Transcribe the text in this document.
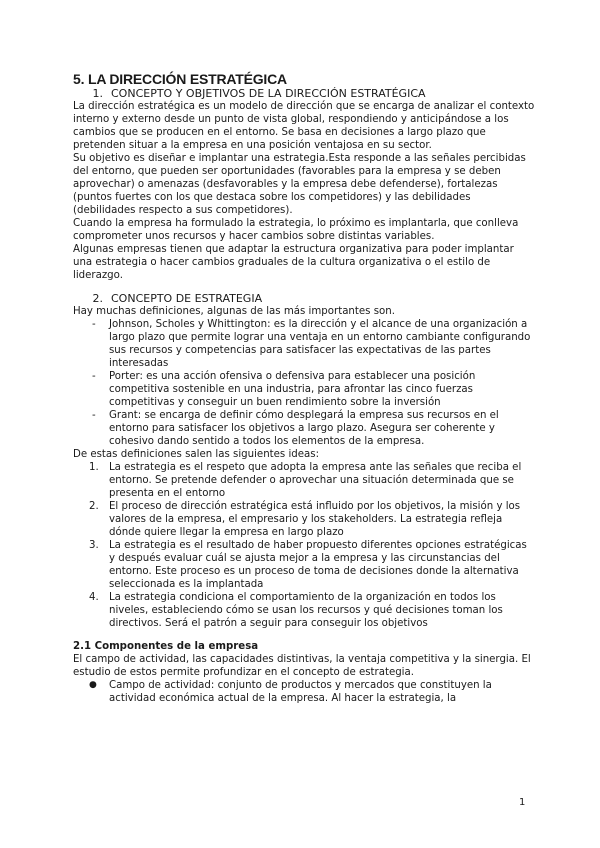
5. LA DIRECCIÓN ESTRATÉGICA
1. CONCEPTO Y OBJETIVOS DE LA DIRECCIÓN ESTRATÉGICA

La dirección estratégica es un modelo de dirección que se encarga de analizar el contexto interno y externo desde un punto de vista global, respondiendo y anticipándose a los cambios que se producen en el entorno. Se basa en decisiones a largo plazo que pretenden situar a la empresa en una posición ventajosa en su sector.

Su objetivo es diseñar e implantar una estrategia.Esta responde a las señales percibidas del entorno, que pueden ser oportunidades (favorables para la empresa y se deben aprovechar) o amenazas (desfavorables y la empresa debe defenderse), fortalezas (puntos fuertes con los que destaca sobre los competidores) y las debilidades (debilidades respecto a sus competidores).

Cuando la empresa ha formulado la estrategia, lo próximo es implantarla, que conlleva comprometer unos recursos y hacer cambios sobre distintas variables.

Algunas empresas tienen que adaptar la estructura organizativa para poder implantar una estrategia o hacer cambios graduales de la cultura organizativa o el estilo de liderazgo.

2. CONCEPTO DE ESTRATEGIA

Hay muchas definiciones, algunas de las más importantes son.

-	Johnson, Scholes y Whittington: es la dirección y el alcance de una organización a largo plazo que permite lograr una ventaja en un entorno cambiante configurando sus recursos y competencias para satisfacer las expectativas de las partes interesadas
-	Porter: es una acción ofensiva o defensiva para establecer una posición competitiva sostenible en una industria, para afrontar las cinco fuerzas competitivas y conseguir un buen rendimiento sobre la inversión
-	Grant: se encarga de definir cómo desplegará la empresa sus recursos en el entorno para satisfacer los objetivos a largo plazo. Asegura ser coherente y cohesivo dando sentido a todos los elementos de la empresa.

De estas definiciones salen las siguientes ideas:

1.	La estrategia es el respeto que adopta la empresa ante las señales que reciba el entorno. Se pretende defender o aprovechar una situación determinada que se presenta en el entorno
2.	El proceso de dirección estratégica está influido por los objetivos, la misión y los valores de la empresa, el empresario y los stakeholders. La estrategia refleja dónde quiere llegar la empresa en largo plazo
3.	La estrategia es el resultado de haber propuesto diferentes opciones estratégicas y después evaluar cuál se ajusta mejor a la empresa y las circunstancias del entorno. Este proceso es un proceso de toma de decisiones donde la alternativa seleccionada es la implantada
4.	La estrategia condiciona el comportamiento de la organización en todos los niveles, estableciendo cómo se usan los recursos y qué decisiones toman los directivos. Será el patrón a seguir para conseguir los objetivos
2.1 Componentes de la empresa

El campo de actividad, las capacidades distintivas, la ventaja competitiva y la sinergia. El estudio de estos permite profundizar en el concepto de estrategia.

●	Campo de actividad: conjunto de productos y mercados que constituyen la actividad económica actual de la empresa. Al hacer la estrategia, la
1
